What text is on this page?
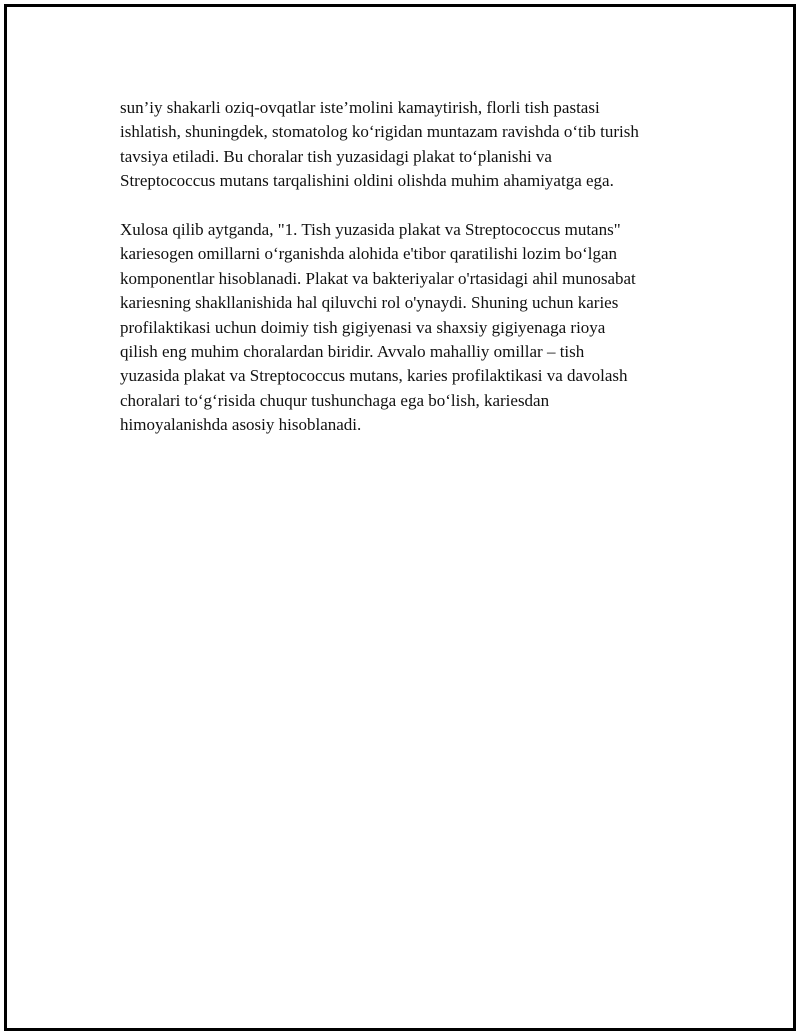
sun’iy shakarli oziq-ovqatlar iste’molini kamaytirish, florli tish pastasi
ishlatish, shuningdek, stomatolog ko‘rigidan muntazam ravishda o‘tib turish
tavsiya etiladi. Bu choralar tish yuzasidagi plakat to‘planishi va
Streptococcus mutans tarqalishini oldini olishda muhim ahamiyatga ega.

Xulosa qilib aytganda, "1. Tish yuzasida plakat va Streptococcus mutans"
kariesogen omillarni o‘rganishda alohida e'tibor qaratilishi lozim bo‘lgan
komponentlar hisoblanadi. Plakat va bakteriyalar o'rtasidagi ahil munosabat
kariesning shakllanishida hal qiluvchi rol o'ynaydi. Shuning uchun karies
profilaktikasi uchun doimiy tish gigiyenasi va shaxsiy gigiyenaga rioya
qilish eng muhim choralardan biridir. Avvalo mahalliy omillar – tish
yuzasida plakat va Streptococcus mutans, karies profilaktikasi va davolash
choralari to‘g‘risida chuqur tushunchaga ega bo‘lish, kariesdan
himoyalanishda asosiy hisoblanadi.
